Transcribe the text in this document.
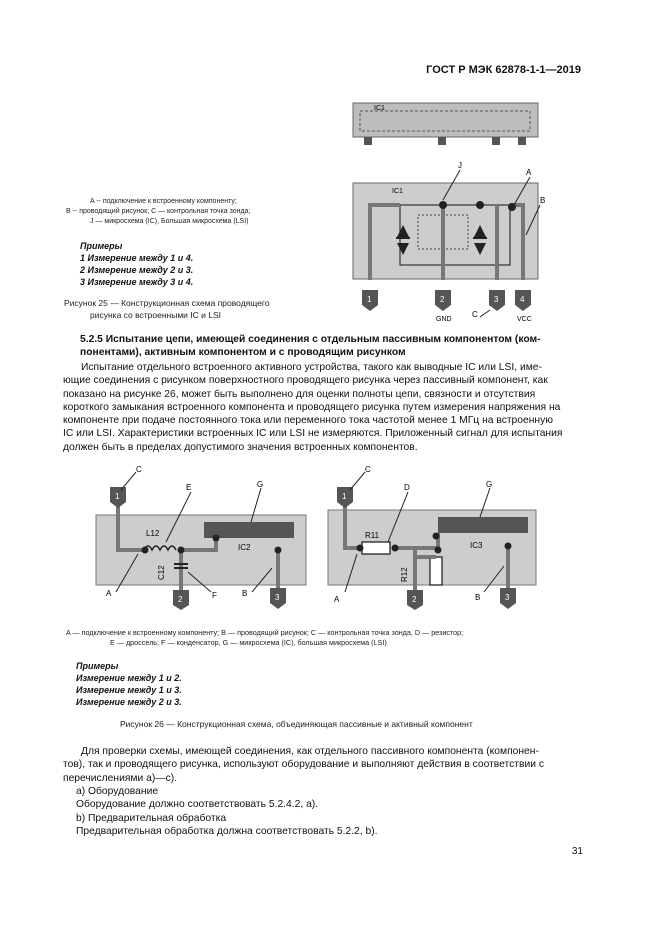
ГОСТ Р МЭК 62878-1-1—2019
IC1
IC1
J
A
B
1	2	3	4
GND	VCC
C
A -- подключение к встроенному компоненту;
B -- проводящий рисунок; C — контрольная точка зонда;
J — микросхема (IC), Большая микросхема (LSI)
Примеры
1 Измерение между 1 и 4.
2 Измерение между 2 и 3.
3 Измерение между 3 и 4.
Рисунок 25 — Конструкционная схема проводящего
рисунка со встроенными IC и LSI
5.2.5 Испытание цепи, имеющей соединения с отдельным пассивным компонентом (ком-
понентами), активным компонентом и с проводящим рисунком
Испытание отдельного встроенного активного устройства, такого как выводные IC или LSI, име-
ющие соединения с рисунком поверхностного проводящего рисунка через пассивный компонент, как
показано на рисунке 26, может быть выполнено для оценки полноты цепи, связности и отсутствия
короткого замыкания встроенного компонента и проводящего рисунка путем измерения напряжения на
компоненте при подаче постоянного тока или переменного тока частотой менее 1 МГц на встроенную
IC или LSI. Характеристики встроенных IC или LSI не измеряются. Приложенный сигнал для испытания
должен быть в пределах допустимого значения встроенных компонентов.
IC2
L12
C12
1
2	3
C
E	G
A	F	B
IC3
R11
R12
1
2	3
C
D	G
A	B
A — подключение к встроенному компоненту; B — проводящий рисунок; C — контрольная точка зонда, D — резистор;
E — дроссель; F — конденсатор, G — микросхема (IC), большая микросхема (LSI)
Примеры
Измерение между 1 и 2.
Измерение между 1 и 3.
Измерение между 2 и 3.
Рисунок 26 — Конструкционная схема, объединяющая пассивные и активный компонент
Для проверки схемы, имеющей соединения, как отдельного пассивного компонента (компонен-
тов), так и проводящего рисунка, используют оборудование и выполняют действия в соответствии с
перечислениями а)—с).
а) Оборудование
Оборудование должно соответствовать 5.2.4.2, а).
b) Предварительная обработка
Предварительная обработка должна соответствовать 5.2.2, b).
31
